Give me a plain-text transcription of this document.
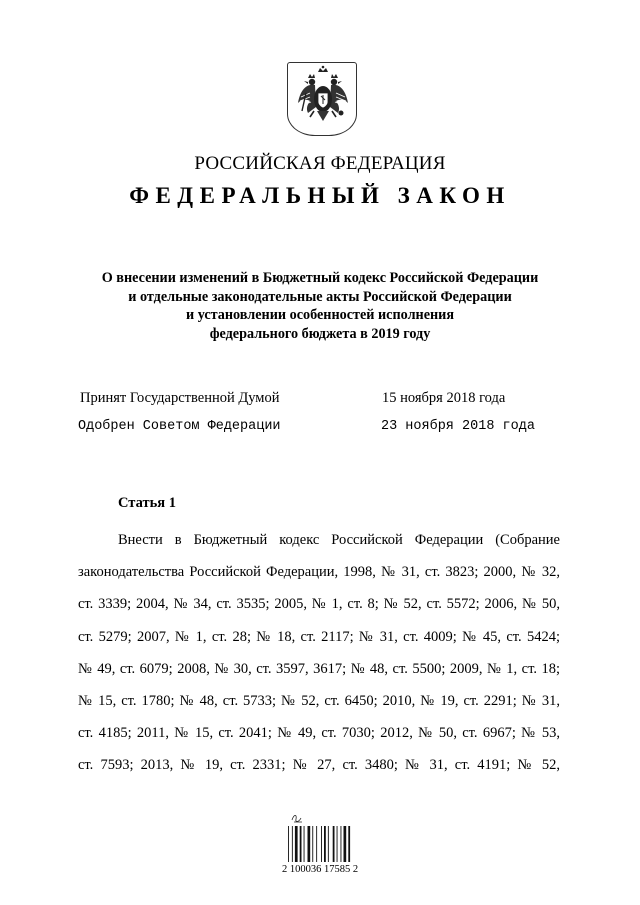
РОССИЙСКАЯ ФЕДЕРАЦИЯ
ФЕДЕРАЛЬНЫЙ ЗАКОН
О внесении изменений в Бюджетный кодекс Российской Федерации
и отдельные законодательные акты Российской Федерации
и установлении особенностей исполнения
федерального бюджета в 2019 году
Принят Государственной Думой	15 ноября 2018 года
Одобрен Советом Федерации	23 ноября 2018 года
Статья 1
Внести в Бюджетный кодекс Российской Федерации (Собрание
законодательства Российской Федерации, 1998, № 31, ст. 3823; 2000, № 32,
ст. 3339; 2004, № 34, ст. 3535; 2005, № 1, ст. 8; № 52, ст. 5572; 2006, № 50,
ст. 5279; 2007, № 1, ст. 28; № 18, ст. 2117; № 31, ст. 4009; № 45, ст. 5424;
№ 49, ст. 6079; 2008, № 30, ст. 3597, 3617; № 48, ст. 5500; 2009, № 1, ст. 18;
№ 15, ст. 1780; № 48, ст. 5733; № 52, ст. 6450; 2010, № 19, ст. 2291; № 31,
ст. 4185; 2011, № 15, ст. 2041; № 49, ст. 7030; 2012, № 50, ст. 6967; № 53,
ст. 7593; 2013, № 19, ст. 2331; № 27, ст. 3480; № 31, ст. 4191; № 52,
2 100036 17585 2
